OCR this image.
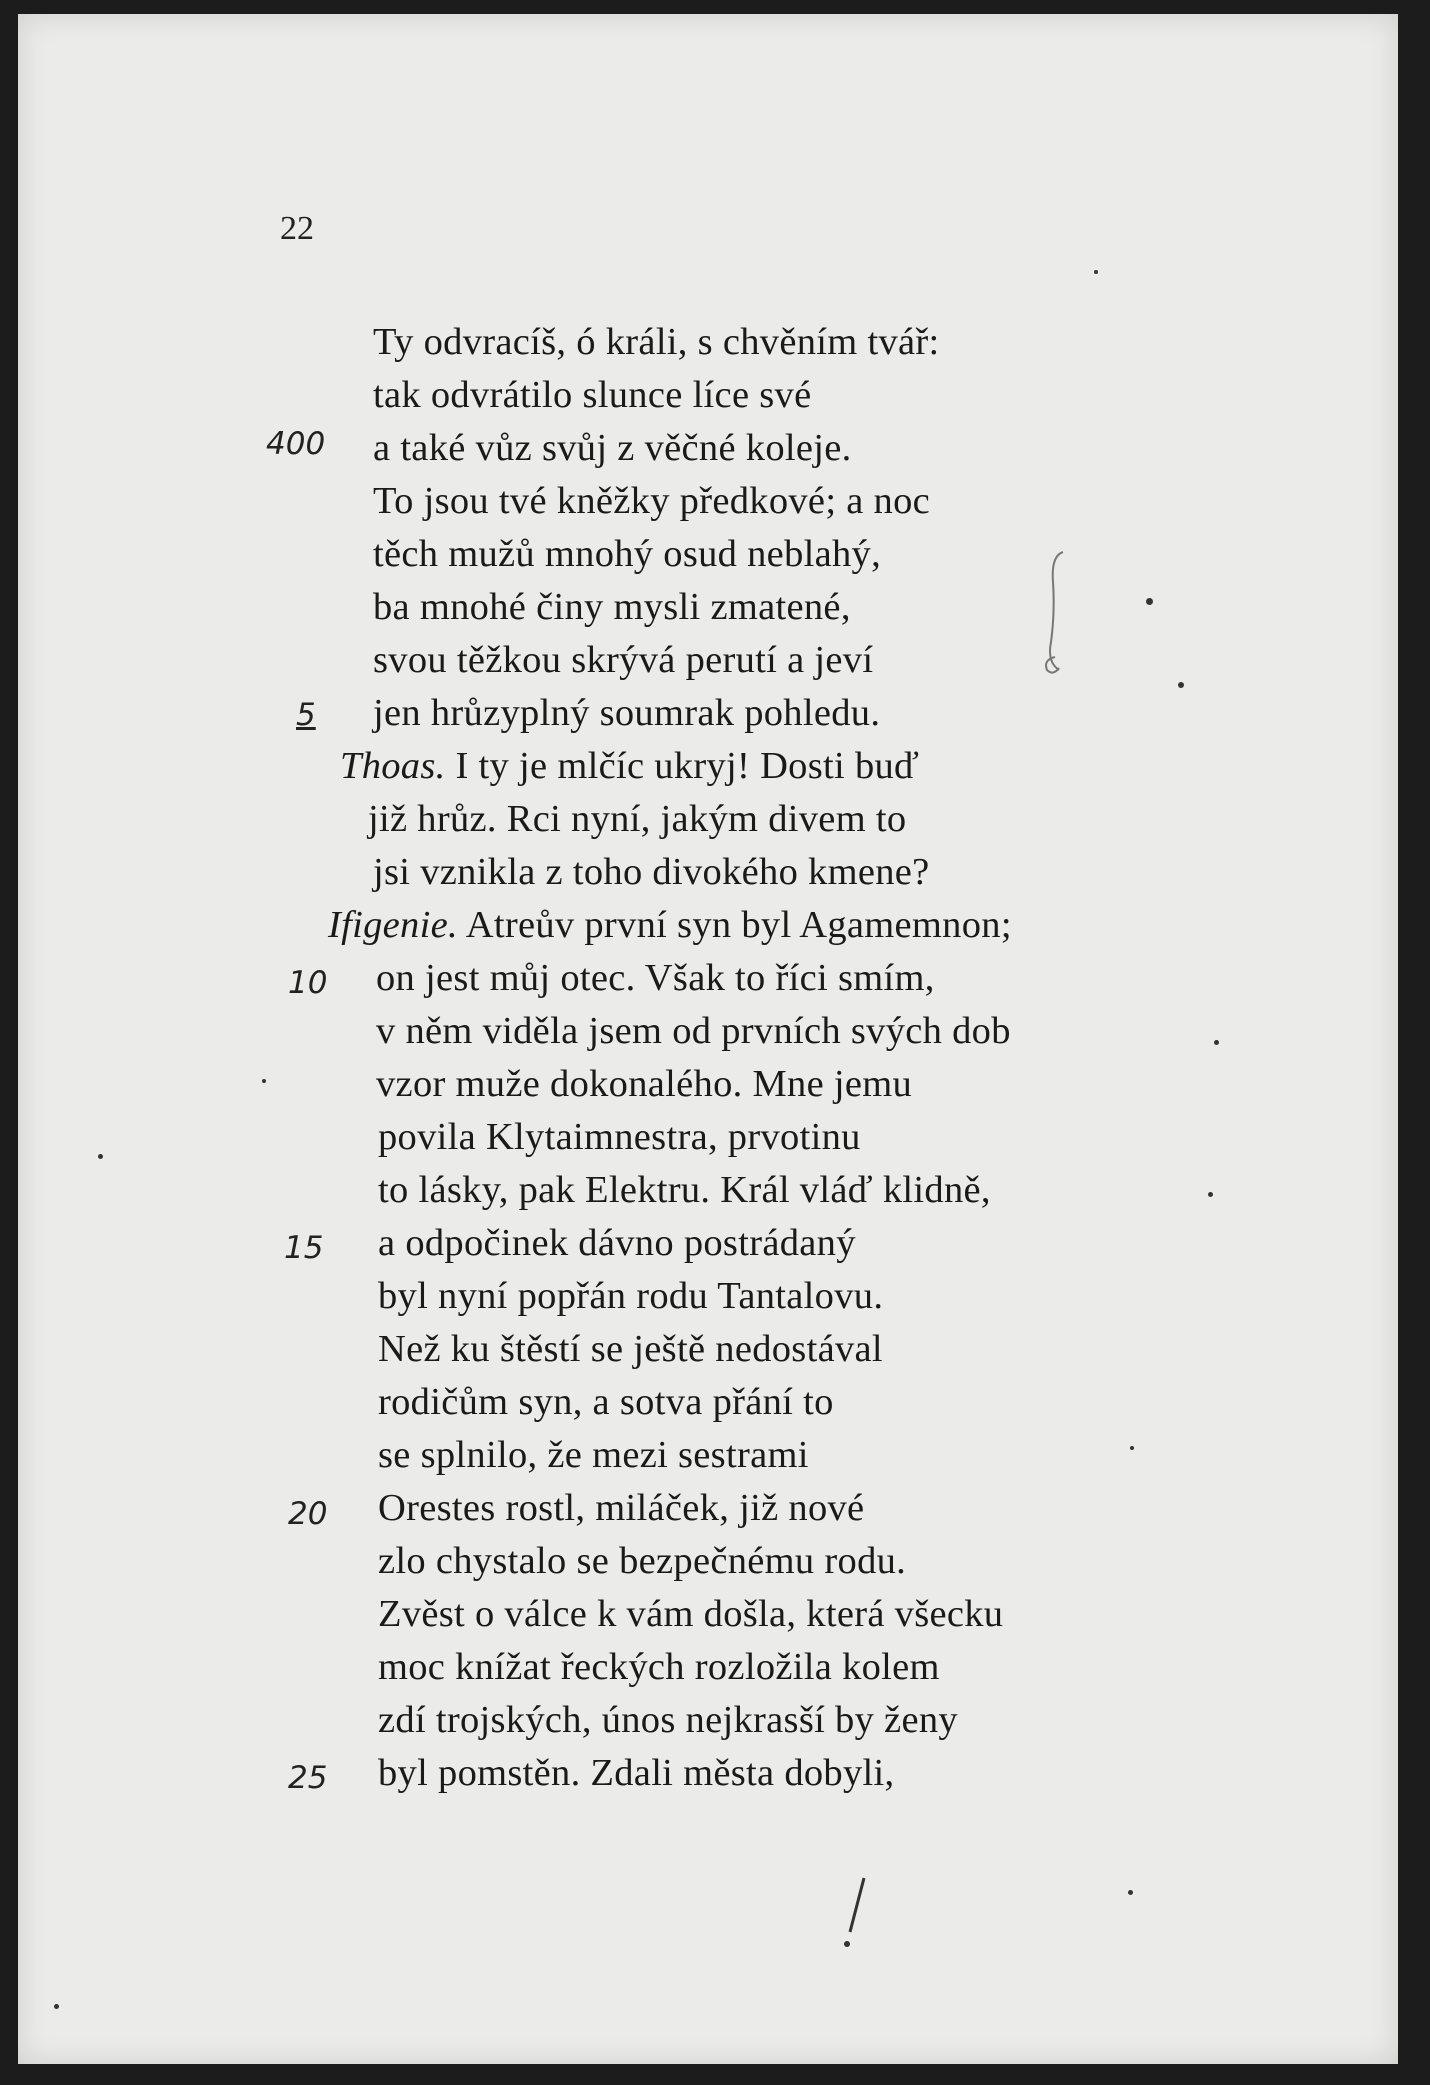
22
Ty odvracíš, ó králi, s chvěním tvář:
tak odvrátilo slunce líce své
a také vůz svůj z věčné koleje.
To jsou tvé kněžky předkové; a noc
těch mužů mnohý osud neblahý,
ba mnohé činy mysli zmatené,
svou těžkou skrývá perutí a jeví
jen hrůzyplný soumrak pohledu.
Thoas. I ty je mlčíc ukryj! Dosti buď
již hrůz. Rci nyní, jakým divem to
jsi vznikla z toho divokého kmene?
Ifigenie. Atreův první syn byl Agamemnon;
on jest můj otec. Však to říci smím,
v něm viděla jsem od prvních svých dob
vzor muže dokonalého. Mne jemu
povila Klytaimnestra, prvotinu
to lásky, pak Elektru. Král vláď klidně,
a odpočinek dávno postrádaný
byl nyní popřán rodu Tantalovu.
Než ku štěstí se ještě nedostával
rodičům syn, a sotva přání to
se splnilo, že mezi sestrami
Orestes rostl, miláček, již nové
zlo chystalo se bezpečnému rodu.
Zvěst o válce k vám došla, která všecku
moc knížat řeckých rozložila kolem
zdí trojských, únos nejkrasší by ženy
byl pomstěn. Zdali města dobyli,
400
5
10
15
20
25
